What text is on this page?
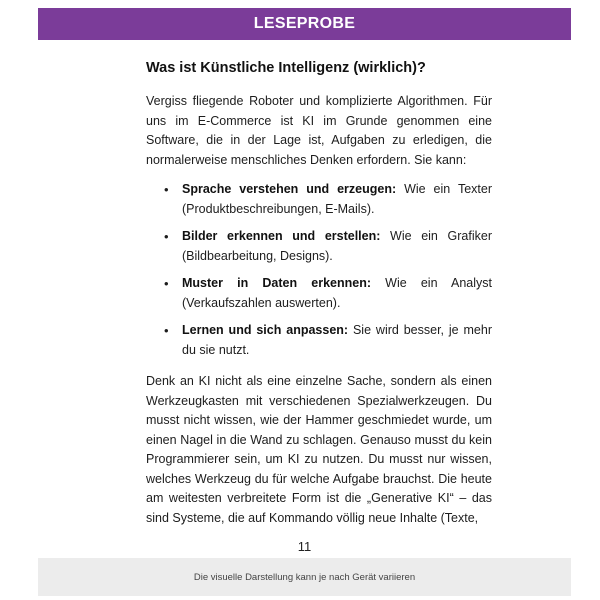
LESEPROBE
Was ist Künstliche Intelligenz (wirklich)?

Vergiss fliegende Roboter und komplizierte Algorithmen. Für uns im E-Commerce ist KI im Grunde genommen eine Software, die in der Lage ist, Aufgaben zu erledigen, die normalerweise menschliches Denken erfordern. Sie kann:

• Sprache verstehen und erzeugen: Wie ein Texter (Produktbeschreibungen, E-Mails).
• Bilder erkennen und erstellen: Wie ein Grafiker (Bildbearbeitung, Designs).
• Muster in Daten erkennen: Wie ein Analyst (Verkaufszahlen auswerten).
• Lernen und sich anpassen: Sie wird besser, je mehr du sie nutzt.

Denk an KI nicht als eine einzelne Sache, sondern als einen Werkzeugkasten mit verschiedenen Spezialwerkzeugen. Du musst nicht wissen, wie der Hammer geschmiedet wurde, um einen Nagel in die Wand zu schlagen. Genauso musst du kein Programmierer sein, um KI zu nutzen. Du musst nur wissen, welches Werkzeug du für welche Aufgabe brauchst. Die heute am weitesten verbreitete Form ist die „Generative KI“ – das sind Systeme, die auf Kommando völlig neue Inhalte (Texte,

11
Die visuelle Darstellung kann je nach Gerät variieren
